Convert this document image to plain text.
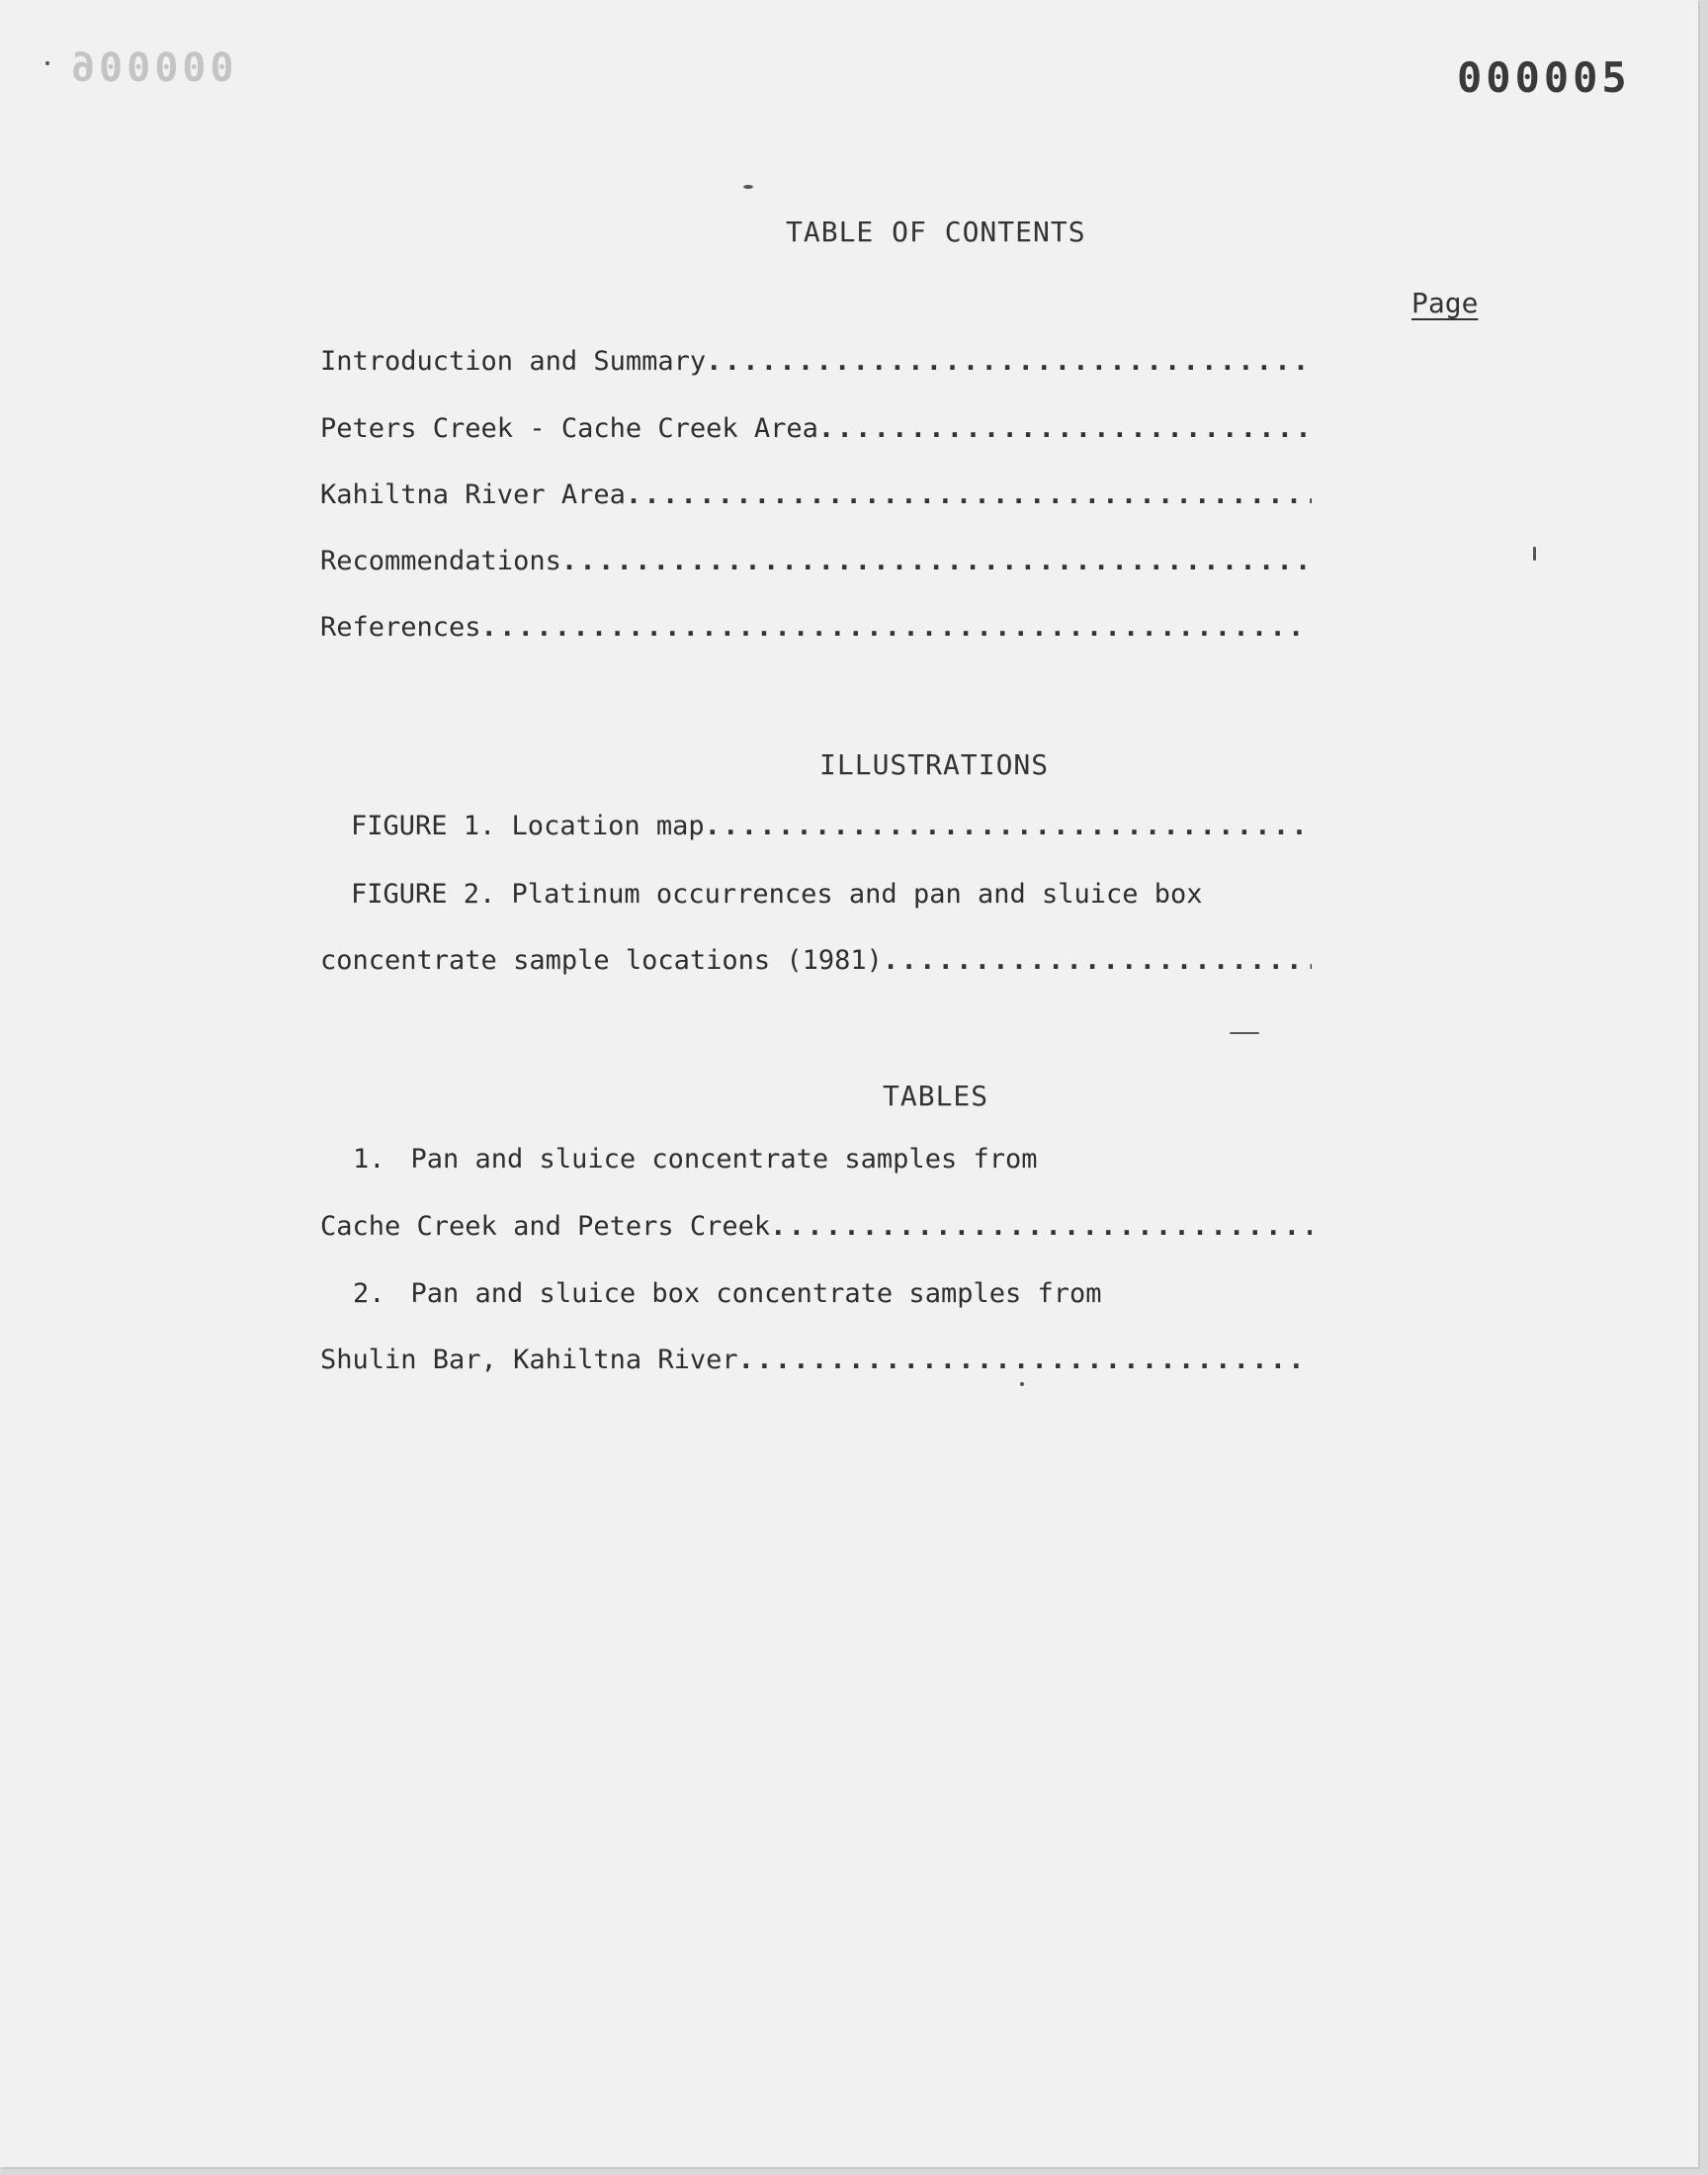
000006	000005
TABLE OF CONTENTS
Page
Introduction and Summary
.....
Peters Creek - Cache Creek Area
.....
Kahiltna River Area
.....
Recommendations
.....
References
.....
ILLUSTRATIONS
FIGURE 1. Location map
.....
FIGURE 2. Platinum occurrences and pan and sluice box
concentrate sample locations (1981)
.....
TABLES
1. Pan and sluice concentrate samples from
Cache Creek and Peters Creek
.....
2. Pan and sluice box concentrate samples from
Shulin Bar, Kahiltna River
.....
